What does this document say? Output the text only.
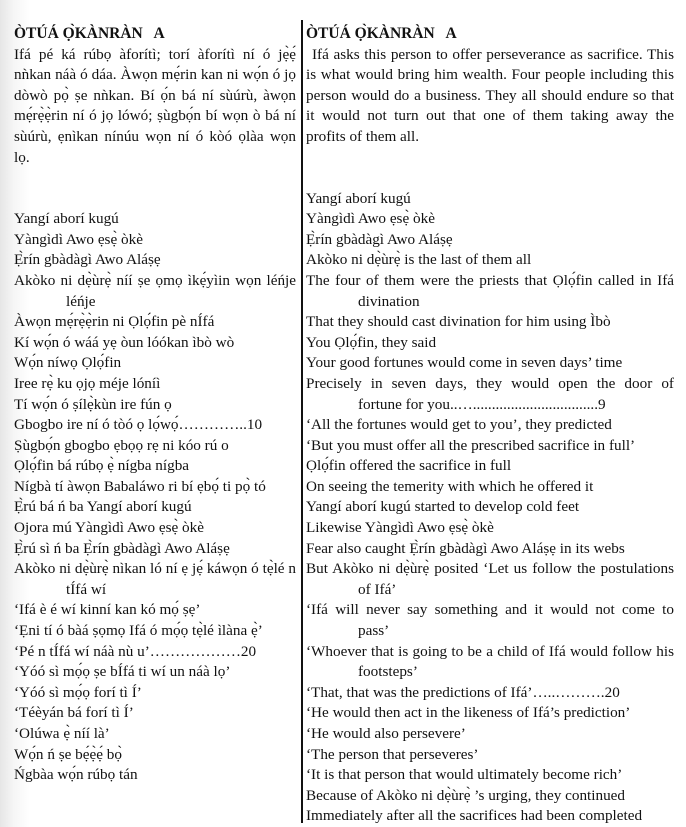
ÒTÚÁ Ọ̀KÀNRÀN   A

Ifá pé ká rúbọ àforítì; torí àforítì ní ó jẹ̀ẹ́ nǹkan náà ó dáa. Àwọn mẹ́rin kan ni wọ́n ó jọ dòwò pọ̀ ṣe nǹkan. Bí ọ́n bá ní sùúrù, àwọn mẹ́rẹ̀ẹ̀rin ní ó jọ lówó; ṣùgbọ́n bí wọn ò bá ní sùúrù, ẹnìkan nínúu wọn ní ó kòó ọlàa wọn lọ.

Yangí aborí kugú
Yàngìdì Awo ẹsẹ̀ òkè
Ẹ̀rín gbàdàgì Awo Aláṣẹ
Akòko ni dẹ̀ùrẹ̀ níí ṣe ọmọ ìkẹ́yìin wọn léńje léńje
Àwọn mẹ́rẹ̀ẹ̀rin ni Ọlọ́fin pè nÍfá
Kí wọ́n ó wáá yẹ òun lóókan ìbò wò
Wọ́n níwọ Ọlọ́fin
Iree rẹ̀ ku ọjọ méje lóníì
Tí wọ́n ó ṣílẹ̀kùn ire fún ọ
Gbogbo ire ní ó tòó ọ lọ́wọ́…………..10
Ṣùgbọ́n gbogbo ẹbọọ rẹ ni kóo rú o
Ọlọ́fin bá rúbọ ẹ̀ nígba nígba
Nígbà tí àwọn Babaláwo ri bí ẹbọ́ ti pọ̀ tó
Ẹ̀rú bá ń ba Yangí aborí kugú
Ojora mú Yàngìdì Awo ẹsẹ̀ òkè
Ẹ̀rú sì ń ba Ẹ̀rín gbàdàgì Awo Aláṣẹ
Akòko ni dẹ̀ùrẹ̀ nìkan ló ní ẹ jẹ́ káwọn ó tẹ̀lé n tÍfá wí
‘Ifá è é wí kinní kan kó mọ́ ṣẹ’
‘Ẹni tí ó bàá ṣọmọ Ifá ó mọ́ọ tẹ̀lé ìlàna ẹ̀’
‘Pé n tÍfá wí náà nù u’………………20
‘Yóó sì mọ́ọ ṣe bÍfá ti wí un náà lọ’
‘Yóó sì mọ́ọ forí tì Í’
‘Téèyán bá forí tì Í’
‘Olúwa ẹ̀ níí là’
Wọ́n ń ṣe bẹ́ẹ̀ẹ́ bọ̀
Ńgbàa wọ́n rúbọ tán
ÒTÚÁ Ọ̀KÀNRÀN   A

Ifá asks this person to offer perseverance as sacrifice. This is what would bring him wealth. Four people including this person would do a business. They all should endure so that it would not turn out that one of them taking away the profits of them all.

Yangí aborí kugú
Yàngìdì Awo ẹsẹ̀ òkè
Ẹ̀rín gbàdàgì Awo Aláṣẹ
Akòko ni dẹ̀ùrẹ̀ is the last of them all
The four of them were the priests that Ọlọ́fin called in Ifá divination
That they should cast divination for him using Ìbò
You Ọlọ́fin, they said
Your good fortunes would come in seven days’ time
Precisely in seven days, they would open the door of fortune for you..….................................9
‘All the fortunes would get to you’, they predicted
‘But you must offer all the prescribed sacrifice in full’
Ọlọ́fin offered the sacrifice in full
On seeing the temerity with which he offered it
Yangí aborí kugú started to develop cold feet
Likewise Yàngìdì Awo ẹsẹ̀ òkè
Fear also caught Ẹ̀rín gbàdàgì Awo Aláṣẹ in its webs
But Akòko ni dẹ̀ùrẹ̀ posited ‘Let us follow the postulations of Ifá’
‘Ifá will never say something and it would not come to pass’
‘Whoever that is going to be a child of Ifá would follow his footsteps’
‘That, that was the predictions of Ifá’…..……….20
‘He would then act in the likeness of Ifá’s prediction’
‘He would also persevere’
‘The person that perseveres’
‘It is that person that would ultimately become rich’
Because of Akòko ni dẹ̀ùrẹ̀ ’s urging, they continued
Immediately after all the sacrifices had been completed
